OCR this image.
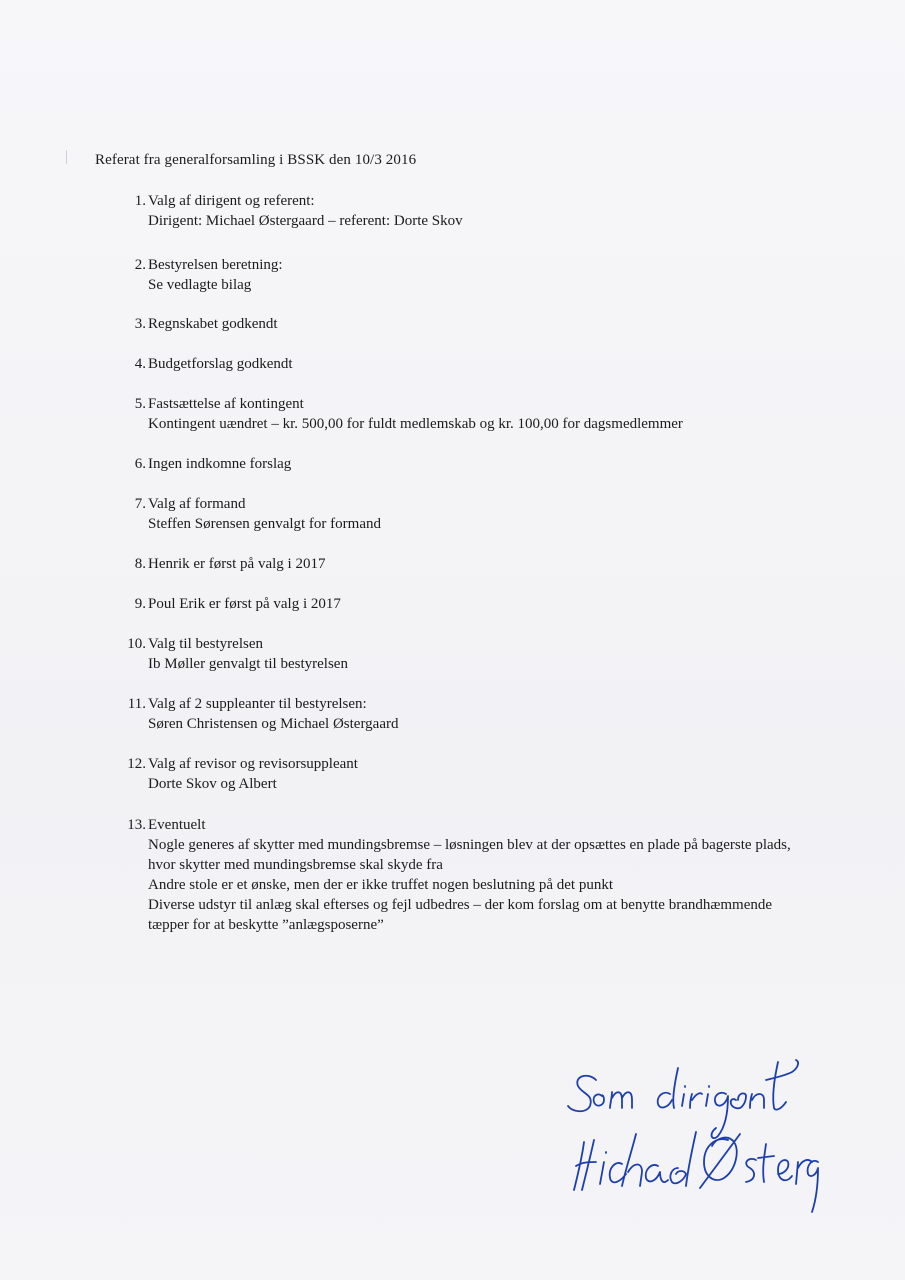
Referat fra generalforsamling i BSSK den 10/3 2016
1. Valg af dirigent og referent:
Dirigent: Michael Østergaard – referent: Dorte Skov
2. Bestyrelsen beretning:
Se vedlagte bilag
3. Regnskabet godkendt
4. Budgetforslag godkendt
5. Fastsættelse af kontingent
Kontingent uændret – kr. 500,00 for fuldt medlemskab og kr. 100,00 for dagsmedlemmer
6. Ingen indkomne forslag
7. Valg af formand
Steffen Sørensen genvalgt for formand
8. Henrik er først på valg i 2017
9. Poul Erik er først på valg i 2017
10. Valg til bestyrelsen
Ib Møller genvalgt til bestyrelsen
11. Valg af 2 suppleanter til bestyrelsen:
Søren Christensen og Michael Østergaard
12. Valg af revisor og revisorsuppleant
Dorte Skov og Albert
13. Eventuelt
Nogle generes af skytter med mundingsbremse – løsningen blev at der opsættes en plade på bagerste plads, hvor skytter med mundingsbremse skal skyde fra
Andre stole er et ønske, men der er ikke truffet nogen beslutning på det punkt
Diverse udstyr til anlæg skal efterses og fejl udbedres – der kom forslag om at benytte brandhæmmende tæpper for at beskytte ”anlægsposerne”
